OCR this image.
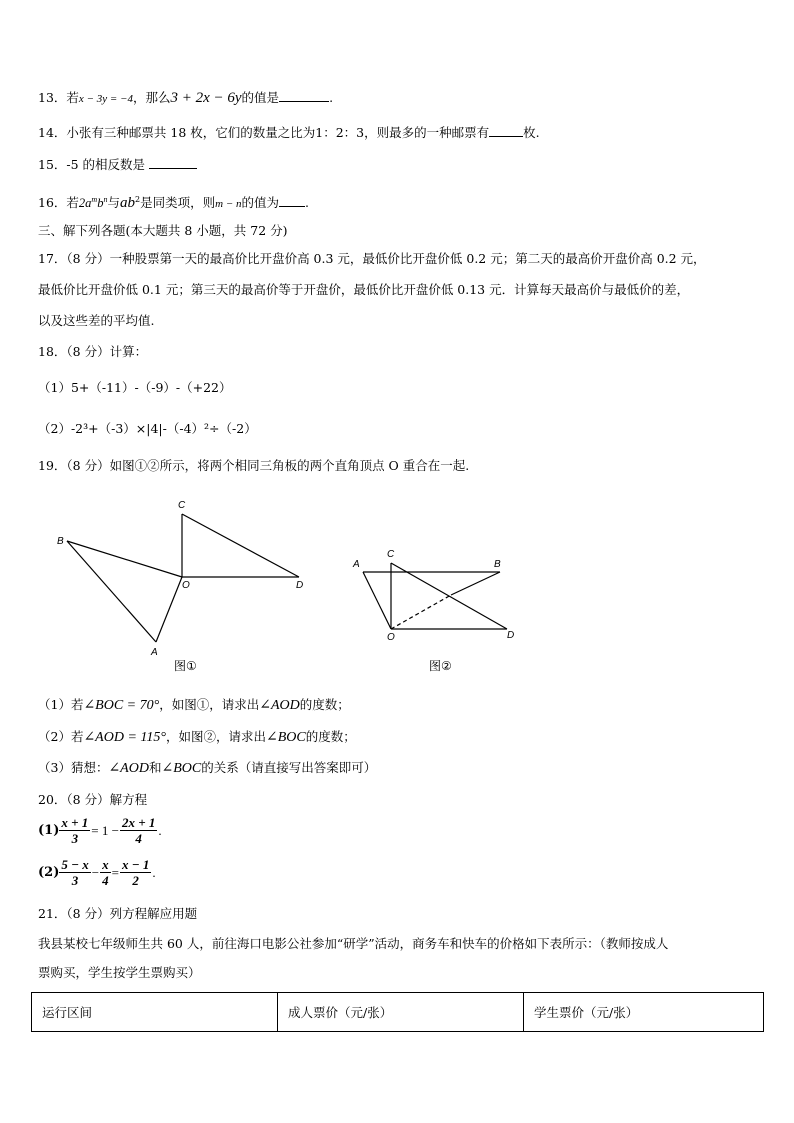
13．若x − 3y = −4，那么3 + 2x − 6y的值是	.
14．小张有三种邮票共 18 枚，它们的数量之比为1：2：3，则最多的一种邮票有	枚.
15．-5 的相反数是
16．若$2a^mb^n$与$ab^2$是同类项，则m − n的值为 .
三、解下列各题(本大题共 8 小题，共 72 分)
17．（8 分）一种股票第一天的最高价比开盘价高 0.3 元，最低价比开盘价低 0.2 元；第二天的最高价开盘价高 0.2 元，
最低价比开盘价低 0.1 元；第三天的最高价等于开盘价，最低价比开盘价低 0.13 元．计算每天最高价与最低价的差，
以及这些差的平均值.
18．（8 分）计算：
（1）5+（-11）-（-9）-（+22）
（2）-2³+（-3）×|4|-（-4）²÷（-2）
19．（8 分）如图①②所示，将两个相同三角板的两个直角顶点 O 重合在一起.
C
B
O	D
A
图①
C
A	B
O	D
图②
（1）若∠BOC = 70°，如图①，请求出∠AOD的度数；
（2）若∠AOD = 115°，如图②，请求出∠BOC的度数；
（3）猜想：∠AOD和∠BOC的关系（请直接写出答案即可）
20．（8 分）解方程
$(1) \frac{x + 1}{3} = 1 - \frac{2x + 1}{4}$ .
$(2) \frac{5 - x}{3} - \frac{x}{4} = \frac{x - 1}{2}$ .
21．（8 分）列方程解应用题
我县某校七年级师生共 60 人，前往海口电影公社参加“研学”活动，商务车和快车的价格如下表所示：（教师按成人
票购买，学生按学生票购买）
运行区间	成人票价（元/张）	学生票价（元/张）
